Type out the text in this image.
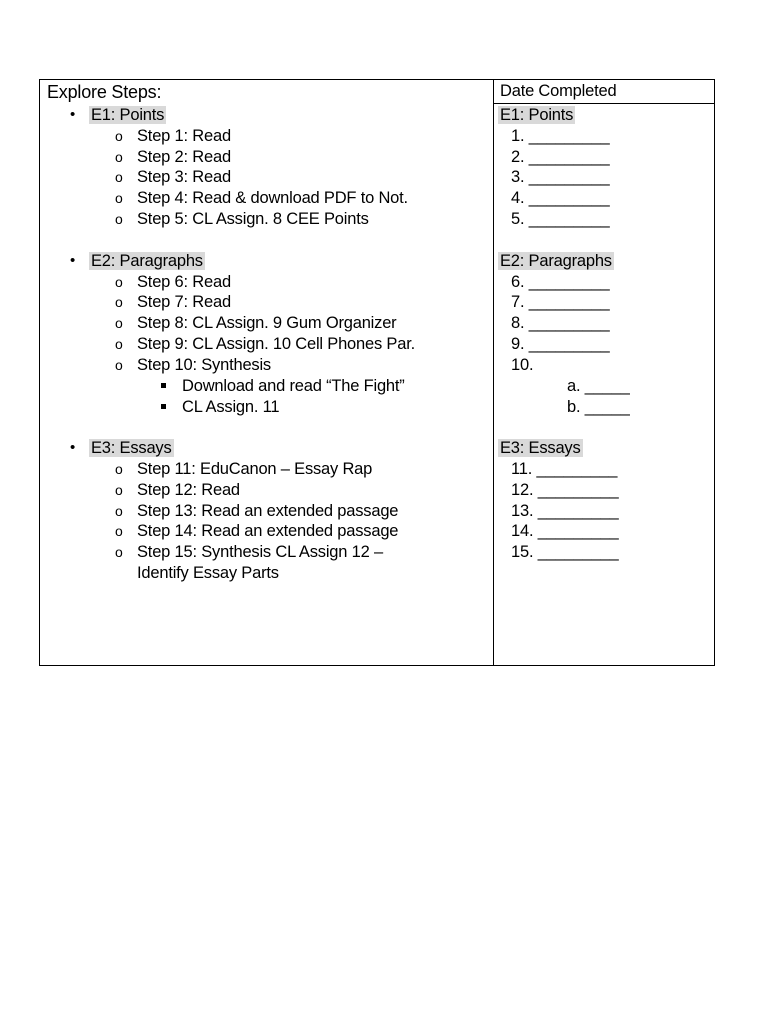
Explore Steps:	Date Completed
• E1: Points
o Step 1: Read
o Step 2: Read
o Step 3: Read
o Step 4: Read & download PDF to Not.
o Step 5: CL Assign. 8 CEE Points
E1: Points
1. _________
2. _________
3. _________
4. _________
5. _________
• E2: Paragraphs
o Step 6: Read
o Step 7: Read
o Step 8: CL Assign. 9 Gum Organizer
o Step 9: CL Assign. 10 Cell Phones Par.
o Step 10: Synthesis
Download and read “The Fight”
CL Assign. 11
E2: Paragraphs
6. _________
7. _________
8. _________
9. _________
10.
a. _____
b. _____
• E3: Essays
o Step 11: EduCanon – Essay Rap
o Step 12: Read
o Step 13: Read an extended passage
o Step 14: Read an extended passage
o Step 15: Synthesis CL Assign 12 –
Identify Essay Parts
E3: Essays
11. _________
12. _________
13. _________
14. _________
15. _________
